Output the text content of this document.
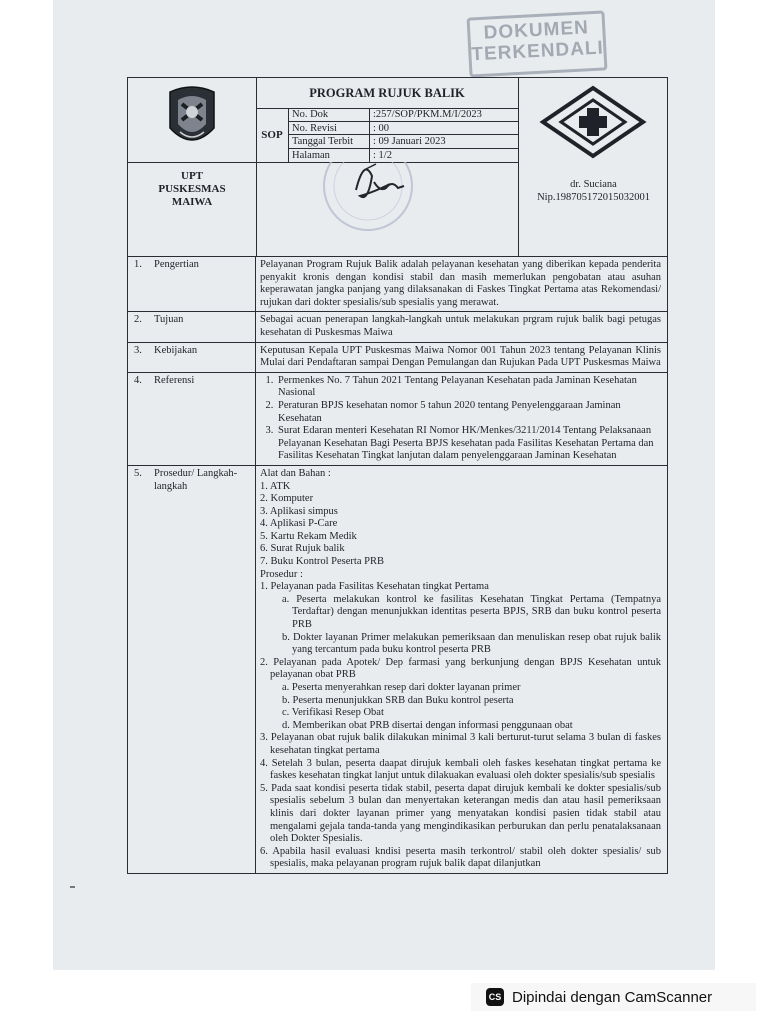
DOKUMEN
TERKENDALI
PROGRAM RUJUK BALIK
SOP
No. Dok	:257/SOP/PKM.M/I/2023
No. Revisi	: 00
Tanggal Terbit	: 09 Januari 2023
Halaman	: 1/2
dr. Suciana
Nip.198705172015032001
UPT
PUSKESMAS
MAIWA
1.	Pengertian	Pelayanan Program Rujuk Balik adalah pelayanan kesehatan yang diberikan kepada penderita penyakit kronis dengan kondisi stabil dan masih memerlukan pengobatan atau asuhan keperawatan jangka panjang yang dilaksanakan di Faskes Tingkat Pertama atas Rekomendasi/ rujukan dari dokter spesialis/sub spesialis yang merawat.
2.	Tujuan	Sebagai acuan penerapan langkah-langkah untuk melakukan prgram rujuk balik bagi petugas kesehatan di Puskesmas Maiwa
3.	Kebijakan	Keputusan Kepala UPT Puskesmas Maiwa Nomor 001 Tahun 2023 tentang Pelayanan Klinis Mulai dari Pendaftaran sampai Dengan Pemulangan dan Rujukan Pada UPT Puskesmas Maiwa
4.	Referensi
1.	Permenkes No. 7 Tahun 2021 Tentang Pelayanan Kesehatan pada Jaminan Kesehatan Nasional
2. Peraturan BPJS kesehatan nomor 5 tahun 2020 tentang Penyelenggaraan Jaminan Kesehatan
3. Surat Edaran menteri Kesehatan RI Nomor HK/Menkes/3211/2014 Tentang Pelaksanaan Pelayanan Kesehatan Bagi Peserta BPJS kesehatan pada Fasilitas Kesehatan Pertama dan Fasilitas Kesehatan Tingkat lanjutan dalam penyelenggaraan Jaminan Kesehatan
5.	Prosedur/ Langkah-langkah
Alat dan Bahan :
1. ATK
2. Komputer
3. Aplikasi simpus
4. Aplikasi P-Care
5. Kartu Rekam Medik
6. Surat Rujuk balik
7. Buku Kontrol Peserta PRB
Prosedur :
1. Pelayanan pada Fasilitas Kesehatan tingkat Pertama
a. Peserta melakukan kontrol ke fasilitas Kesehatan Tingkat Pertama (Tempatnya Terdaftar) dengan menunjukkan identitas peserta BPJS, SRB dan buku kontrol peserta PRB
b. Dokter layanan Primer melakukan pemeriksaan dan menuliskan resep obat rujuk balik yang tercantum pada buku kontrol peserta PRB
2. Pelayanan pada Apotek/ Dep farmasi yang berkunjung dengan BPJS Kesehatan untuk pelayanan obat PRB
a. Peserta menyerahkan resep dari dokter layanan primer
b. Peserta menunjukkan SRB dan Buku kontrol peserta
c. Verifikasi Resep Obat
d. Memberikan obat PRB disertai dengan informasi penggunaan obat
3. Pelayanan obat rujuk balik dilakukan minimal 3 kali berturut-turut selama 3 bulan di faskes kesehatan tingkat pertama
4. Setelah 3 bulan, peserta daapat dirujuk kembali oleh faskes kesehatan tingkat pertama ke faskes kesehatan tingkat lanjut untuk dilakuakan evaluasi oleh dokter spesialis/sub spesialis
5. Pada saat kondisi peserta tidak stabil, peserta dapat dirujuk kembali ke dokter spesialis/sub spesialis sebelum 3 bulan dan menyertakan keterangan medis dan atau hasil pemeriksaan klinis dari dokter layanan primer yang menyatakan kondisi pasien tidak stabil atau mengalami gejala tanda-tanda yang mengindikasikan perburukan dan perlu penatalaksanaan oleh Dokter Spesialis.
6. Apabila hasil evaluasi kndisi peserta masih terkontrol/ stabil oleh dokter spesialis/ sub spesialis, maka pelayanan program rujuk balik dapat dilanjutkan
CS Dipindai dengan CamScanner
